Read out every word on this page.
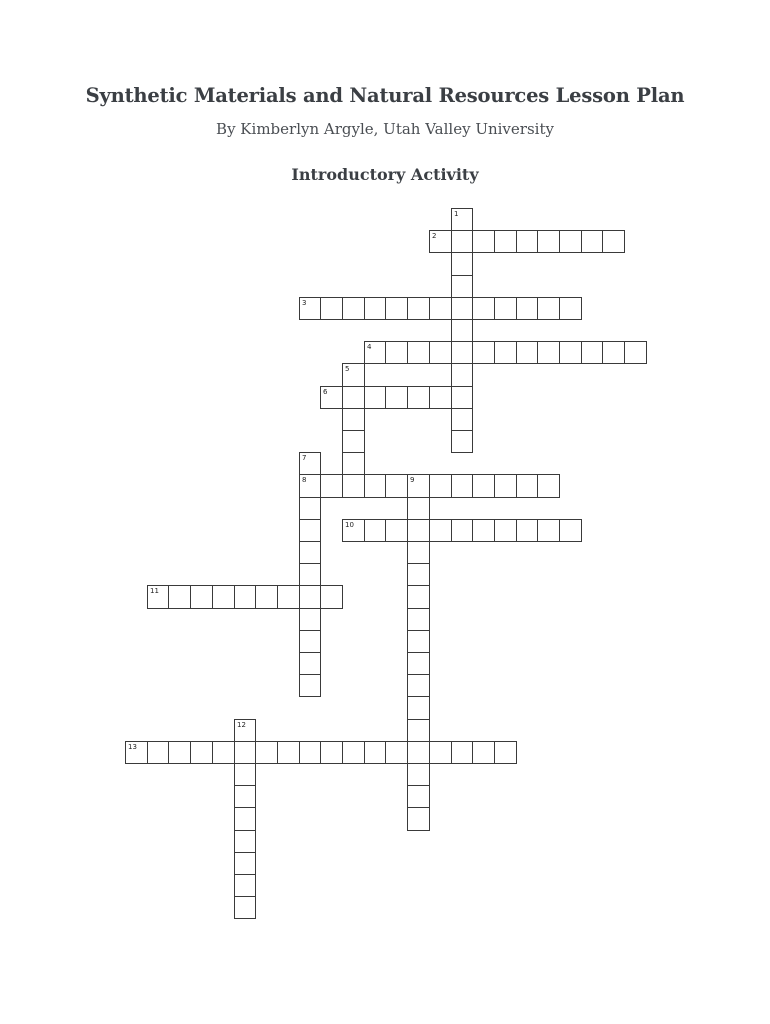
Synthetic Materials and Natural Resources Lesson Plan
By Kimberlyn Argyle, Utah Valley University
Introductory Activity
1
2
3
4
5
6
7
8	9
10
11
12
13
